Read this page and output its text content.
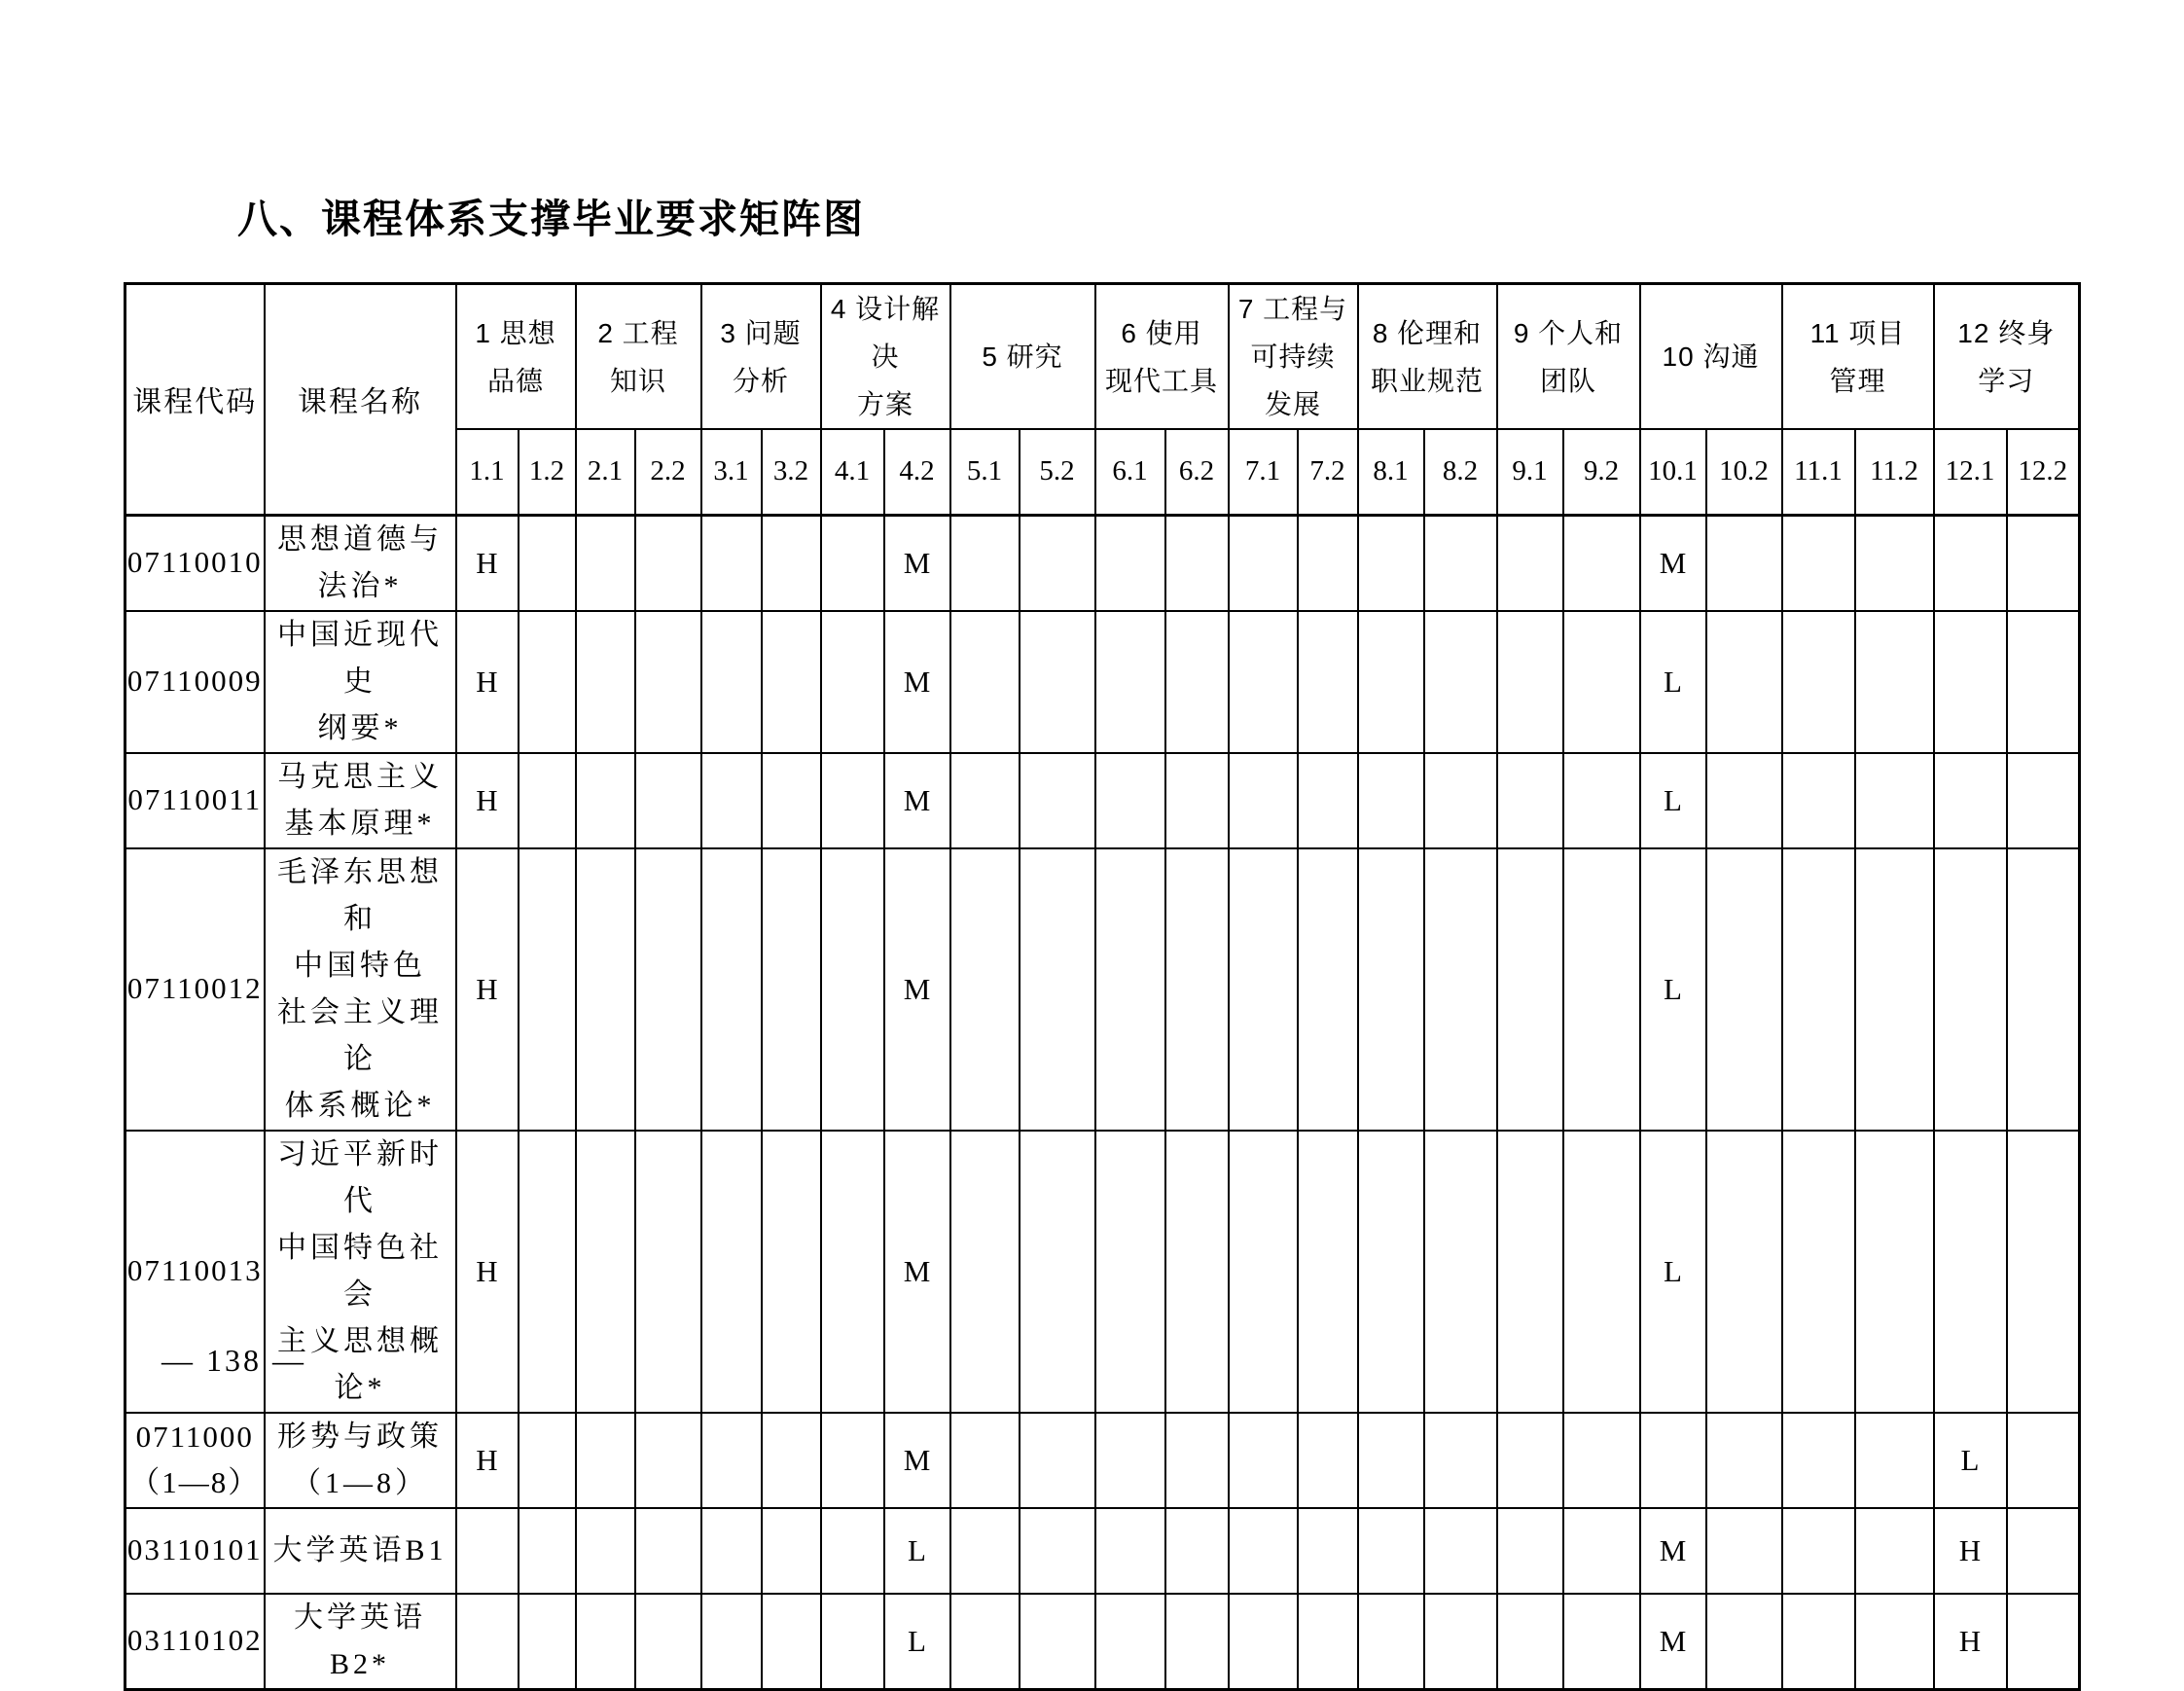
八、课程体系支撑毕业要求矩阵图
课程代码	课程名称	1 思想
品德		2 工程
知识		3 问题
分析		4 设计解决
方案		5 研究		6 使用
现代工具		7 工程与
可持续
发展		8 伦理和
职业规范		9 个人和
团队		10 沟通		11 项目
管理		12 终身
学习	
		1.1	1.2	2.1	2.2	3.1	3.2	4.1	4.2	5.1	5.2	6.1	6.2	7.1	7.2	8.1	8.2	9.1	9.2	10.1	10.2	11.1	11.2	12.1	12.2
07110010	思想道德与
法治*	H							M											M					
07110009	中国近现代史
纲要*	H							M											L					
07110011	马克思主义
基本原理*	H							M											L					
07110012	毛泽东思想和
中国特色
社会主义理论
体系概论*	H							M											L					
07110013	习近平新时代
中国特色社会
主义思想概论*	H							M											L					
0711000
（1—8）	形势与政策
（1—8）	H							M															L	
03110101	大学英语B1								L											M				H	
03110102	大学英语B2*								L											M				H	
— 138 —
